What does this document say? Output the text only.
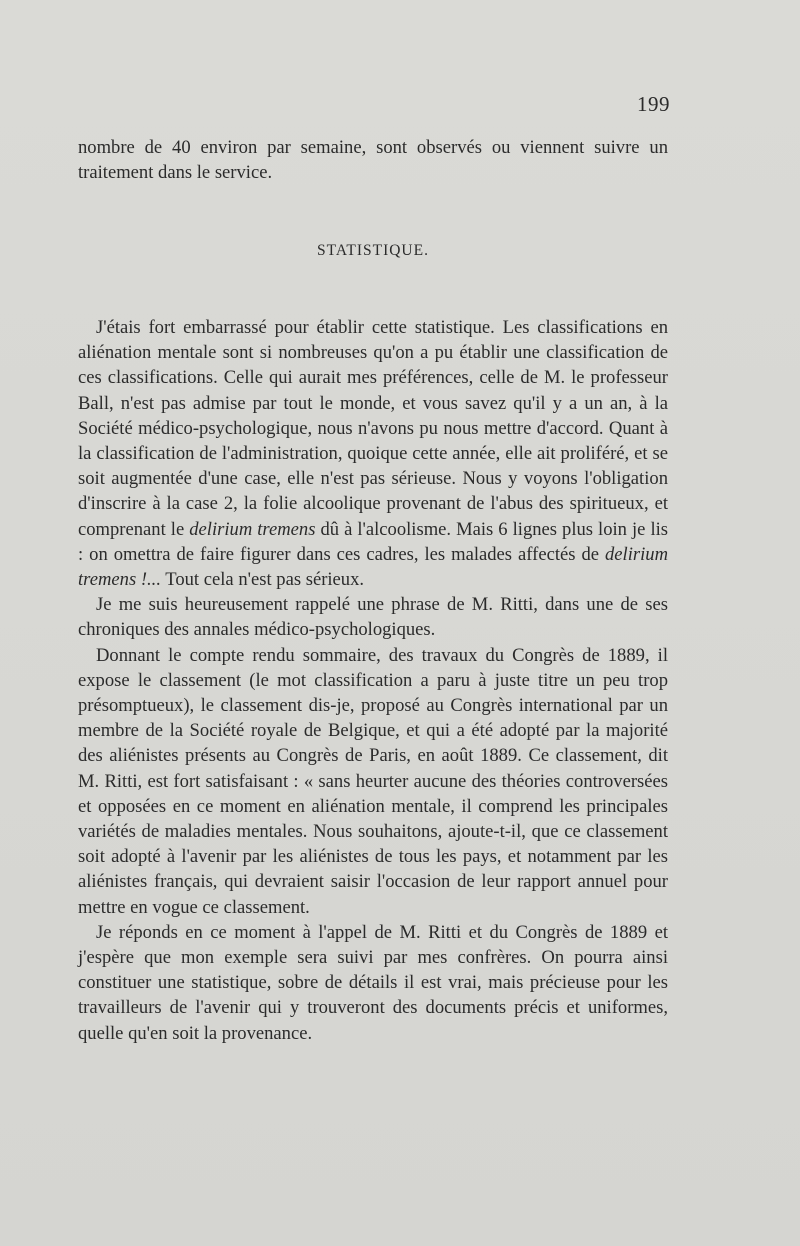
199

nombre de 40 environ par semaine, sont observés ou viennent suivre un traitement dans le service.

STATISTIQUE.

J'étais fort embarrassé pour établir cette statistique. Les classifications en aliénation mentale sont si nombreuses qu'on a pu établir une classification de ces classifications. Celle qui aurait mes préférences, celle de M. le professeur Ball, n'est pas admise par tout le monde, et vous savez qu'il y a un an, à la Société médico-psychologique, nous n'avons pu nous mettre d'accord. Quant à la classification de l'administration, quoique cette année, elle ait proliféré, et se soit augmentée d'une case, elle n'est pas sérieuse. Nous y voyons l'obligation d'inscrire à la case 2, la folie alcoolique provenant de l'abus des spiritueux, et comprenant le delirium tremens dû à l'alcoolisme. Mais 6 lignes plus loin je lis : on omettra de faire figurer dans ces cadres, les malades affectés de delirium tremens !... Tout cela n'est pas sérieux.

Je me suis heureusement rappelé une phrase de M. Ritti, dans une de ses chroniques des annales médico-psychologiques.

Donnant le compte rendu sommaire, des travaux du Congrès de 1889, il expose le classement (le mot classification a paru à juste titre un peu trop présomptueux), le classement dis-je, proposé au Congrès international par un membre de la Société royale de Belgique, et qui a été adopté par la majorité des aliénistes présents au Congrès de Paris, en août 1889. Ce classement, dit M. Ritti, est fort satisfaisant : « sans heurter aucune des théories controversées et opposées en ce moment en aliénation mentale, il comprend les principales variétés de maladies mentales. Nous souhaitons, ajoute-t-il, que ce classement soit adopté à l'avenir par les aliénistes de tous les pays, et notamment par les aliénistes français, qui devraient saisir l'occasion de leur rapport annuel pour mettre en vogue ce classement.

Je réponds en ce moment à l'appel de M. Ritti et du Congrès de 1889 et j'espère que mon exemple sera suivi par mes confrères. On pourra ainsi constituer une statistique, sobre de détails il est vrai, mais précieuse pour les travailleurs de l'avenir qui y trouveront des documents précis et uniformes, quelle qu'en soit la provenance.
